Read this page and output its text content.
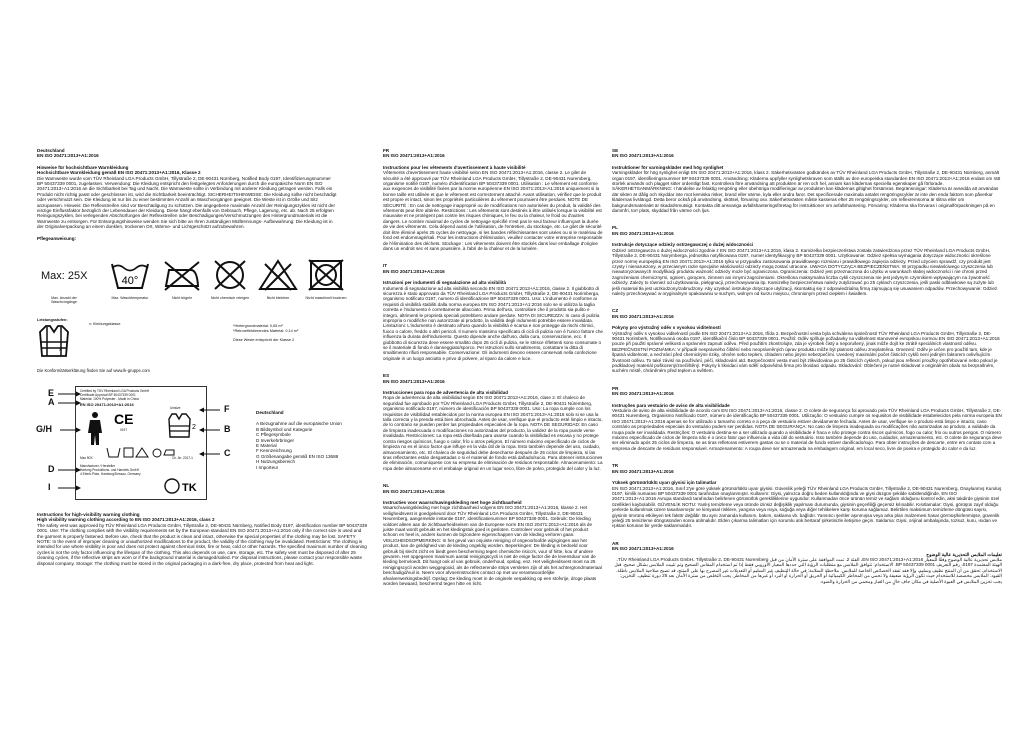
Deutschland

EN ISO 20471:2013+A1:2016

Hinweise für hochsichtbare Warnkleidung

Hochsichtbare Warnkleidung gemäß EN ISO 20471:2013+A1:2016, Klasse 2

Die Warnweste wurde vom TÜV Rheinland LGA Products GmbH, Tillystraße 2, DE-90431 Nürnberg, Notified Body 0197, Identifizierungsnummer BP 50437339 0001, zugelassen. Verwendung: Die Kleidung entspricht den festgelegten Anforderungen durch die europäische Norm EN ISO 20471:2013+A1:2016 an die Sichtbarkeit bei Tag und Nacht. Die Warnweste sollte in Verbindung mit anderer Kleidung getragen werden. Falls ein Produkt nicht richtig passt oder geschlossen ist, wird die Sichtbarkeit beeinträchtigt. SICHERHEITSHINWEISE: Die Kleidung sollte nicht beschädigt oder verschmutzt sein. Die Kleidung ist nur bis zu einer bestimmten Anzahl an Waschvorgängen geeignet. Die Weste ist in Größe und Sitz anzupassen. Hinweis: Die Reflexstreifen sind vor Beschädigung zu schützen. Die angegebene maximale Anzahl der Reinigungszyklen ist nicht der einzige Einflussfaktor bezüglich der Lebensdauer der Kleidung. Diese hängt ebenfalls von Gebrauch, Pflege, Lagerung, etc. ab. Nach 25 erfolgten Reinigungszyklen, bei verlegenden Abschürfungen der Reflexstreifen oder Beschädigungen/Verschmutzungen des Hintergrundmaterials ist die Warnweste zu entsorgen. Für Entsorgungshinweise wenden Sie sich bitte an Ihren zuständigen Mülltrennungs- Aufbewahrung: Die Kleidung ist in der Originalverpackung an einem dunklen, trockenen Ort, Wärme- und Lichtgeschützt aufzubewahren.

Pflegeanweisung:

Max: 25X
Max. Anzahl der Waschvorgänge
40°
Max. Waschtemperatur	Nicht bügeln	Nicht chemisch reinigen	Nicht bleichen	Nicht maschinell trocknen
Leistungsstufen:
x
x: Kleidungsklasse	*Hintergrundmaterial: 0,65 m²
*Retroreflektierendes Material: 0,14 m²
Diese Weste entspricht der Klasse 2
Die Konformitätserklärung finden Sie auf www.lk-gruppe.com
Certified by TÜV Rheinland LGA Products GmbH
Certificate Approval BP 50437339 0001
Material: 100% Polyester - Made in China
EN ISO 20471:2013+A1:2016
CE
0197
Unisize
2
Max 50X
Manufacturer / Hersteller
Hartung Produktions- und Handels GmbH
4 Eberti-Platz, Hamburg/Dessau, Germany
Ch.-Nr. 2017-1
TK
E
A
G/H
D
I
F
B
C

Deutschland

A Bezugnahme auf die europäische Union

B Bildsymbol und Kategorie

C Pflegesymbole

D Inverkehrbringer

E Material

F Kennzeichnung

G Größenangabe gemäß EN ISO 13688

H Nutzungsbereich

I Importeur

Instructions for high-visibility warning clothing

High visibility warning clothing according to EN ISO 20471:2013+A1:2016, class 2

The safety vest was approved by TÜV Rheinland LGA Products GmbH, Tillystraße 2, DE-90431 Nürnberg, Notified Body 0197, identification number BP 50437339 0001. Use: The clothing complies with the visibility requirements set by the European standard EN ISO 20471:2013+A1:2016 only if the correct size is used and the garment is properly fastened. Before use, check that the product is clean and intact, otherwise the special properties of the clothing may be lost. SAFETY NOTE: In the event of improper cleaning or unauthorized modifications to the product, the validity of the clothing may be invalidated. Restrictions: The clothing is intended for use where visibility is poor and does not protect against chemical risks, fire or heat, cold or other hazards. The specified maximum number of cleaning cycles is not the only factor influencing the lifespan of the clothing. This also depends on use, care, storage, etc. The safety vest must be disposed of after 25 cleaning cycles, if the reflective strips are worn or if the background material is damaged/soiled. For disposal instructions, please contact your responsible waste disposal company. Storage: The clothing must be stored in the original packaging in a dark-free, dry place, protected from heat and light.

FR

EN ISO 20471:2013+A1:2016

Instructions pour les vêtements d'avertissement à haute visibilité

Vêtements d'avertissement haute visibilité selon EN ISO 20471:2013+A1:2016, classe 2. Le gilet de sécurité a été approuvé par TÜV Rheinland LGA Products GmbH, Tillystraße 2, DE-90431 Nuremberg, organisme notifié 0197, numéro d'identification BP 50437339 0001. Utilisation : Le vêtement est conforme aux exigences de visibilité fixées par la norme européenne EN ISO 20471:2013+A1:2016 uniquement si la bonne taille est utilisée et que le vêtement est correctement attaché. Avant utilisation, vérifiez que le produit est propre et intact, sinon les propriétés particulières du vêtement pourraient être perdues. NOTE DE SÉCURITÉ : En cas de nettoyage inapproprié ou de modifications non autorisées du produit, la validité des vêtements peut être altérée. Restrictions : Les vêtements sont destinés à être utilisés lorsque la visibilité est mauvaise et ne protègent pas contre les risques chimiques, le feu ou la chaleur, le froid ou d'autres dangers. Le nombre maximal de cycles de nettoyage spécifié n'est pas le seul facteur influençant la durée de vie des vêtements. Cela dépend aussi de l'utilisation, de l'entretien, du stockage, etc. Le gilet de sécurité doit être éliminé après 25 cycles de nettoyage, si les bandes réfléchissantes sont usées ou si le matériau de fond est endommagé/sali. Pour les instructions d'élimination, veuillez contacter votre entreprise responsable de l'élimination des déchets. Stockage : Les vêtements doivent être stockés dans leur emballage d'origine dans un endroit sec et sans poussière, à l'abri de la chaleur et de la lumière.

IT

EN ISO 20471:2013+A1:2016

Istruzioni per indumenti di segnalazione ad alta visibilità

Indumenti di segnalazione ad alta visibilità secondo EN ISO 20471:2013+A1:2016, classe 2. Il giubbotto di sicurezza è stato approvato da TÜV Rheinland LGA Products GmbH, Tillystraße 2, DE-90431 Norimberga, organismo notificato 0197, numero di identificazione BP 50437339 0001. Uso: L'indumento è conforme ai requisiti di visibilità stabiliti dalla norma europea EN ISO 20471:2013+A1:2016 solo se si utilizza la taglia corretta e l'indumento è correttamente allacciato. Prima dell'uso, controllare che il prodotto sia pulito e integro, altrimenti le proprietà speciali potrebbero andare perdute. NOTA DI SICUREZZA: In caso di pulizia impropria o modifiche non autorizzate al prodotto, la validità degli indumenti potrebbe essere invalidata. Limitazioni: L'indumento è destinato all'uso quando la visibilità è scarsa e non protegge da rischi chimici, fuoco o calore, freddo o altri pericoli. Il numero massimo specificato di cicli di pulizia non è l'unico fattore che influenza la durata dell'indumento. Questo dipende anche dall'uso, dalla cura, conservazione, ecc. Il giubbotto di sicurezza deve essere smaltito dopo 25 cicli di pulizia, se le strisce riflettenti sono consumate o se il materiale di fondo è danneggiato/sporco. Per istruzioni sullo smaltimento, contattare la ditta di smaltimento rifiuti responsabile. Conservazione: Gli indumenti devono essere conservati nella confezione originale in un luogo asciutto e privo di polvere, al riparo da calore e luce.

ES

EN ISO 20471:2013+A1:2016

Instrucciones para ropa de advertencia de alta visibilidad

Ropa de advertencia de alta visibilidad según EN ISO 20471:2013+A1:2016, clase 2. El chaleco de seguridad fue aprobado por TÜV Rheinland LGA Products GmbH, Tillystraße 2, DE-90431 Núremberg, organismo notificado 0197, número de identificación BP 50437339 0001. Uso: La ropa cumple con los requisitos de visibilidad establecidos por la norma europea EN ISO 20471:2013+A1:2016 solo si se usa la talla correcta y la prenda está bien abrochada. Antes de usar, verifique que el producto esté limpio e intacto, de lo contrario se pueden perder las propiedades especiales de la ropa. NOTA DE SEGURIDAD: En caso de limpieza inadecuada o modificaciones no autorizadas del producto, la validez de la ropa puede verse invalidada. Restricciones: La ropa está diseñada para usarse cuando la visibilidad es escasa y no protege contra riesgos químicos, fuego o calor, frío u otros peligros. El número máximo especificado de ciclos de limpieza no es el único factor que influye en la vida útil de la ropa. Esto también depende del uso, cuidado, almacenamiento, etc. El chaleco de seguridad debe desecharse después de 25 ciclos de limpieza, si las tiras reflectantes están desgastadas o si el material de fondo está dañado/sucio. Para obtener instrucciones de eliminación, comuníquese con su empresa de eliminación de residuos responsable. Almacenamiento: La ropa debe almacenarse en el embalaje original en un lugar seco, libre de polvo, protegido del calor y la luz.

NL

EN ISO 20471:2013+A1:2016

Instructies voor waarschuwingskleding met hoge zichtbaarheid

Waarschuwingskleding met hoge zichtbaarheid volgens EN ISO 20471:2013+A1:2016, klasse 2. Het veiligheidsvest is goedgekeurd door TÜV Rheinland LGA Products GmbH, Tillystraße 2, DE-90431 Neurenberg, aangemelde instantie 0197, identificatienummer BP 50437339 0001. Gebruik: De kleding voldoet alleen aan de zichtbaarheidseisen van de Europese norm EN ISO 20471:2013+A1:2016 als de juiste maat wordt gebruikt en het kledingstuk goed is gesloten. Controleer voor gebruik of het product schoon en heel is, anders kunnen de bijzondere eigenschappen van de kleding verloren gaan. VEILIGHEIDSOPMERKING: In het geval van onjuiste reiniging of ongeoorloofde wijzigingen aan het product, kan de geldigheid van de kleding ongeldig worden. Beperkingen: De kleding is bedoeld voor gebruik bij slecht zicht en biedt geen bescherming tegen chemische risico's, vuur of hitte, kou of andere gevaren. Het opgegeven maximum aantal reinigingscycli is niet de enige factor die de levensduur van de kleding beïnvloedt. Dit hangt ook af van gebruik, onderhoud, opslag, enz. Het veiligheidsvest moet na 25 reinigingscycli worden weggegooid, als de reflecterende strips versleten zijn of als het achtergrondmateriaal beschadigd/vuil is. Neem voor afvoerinstructies contact op met uw verantwoordelijke afvalverwerkingsbedrijf. Opslag: De kleding moet in de originele verpakking op een stofvrije, droge plaats worden bewaard, beschermd tegen hitte en licht.

SE

EN ISO 20471:2013+A1:2016

Instruktioner för varningskläder med hög synlighet

Varningskläder för hög synlighet enligt EN ISO 20471:2013+A1:2016, klass 2. Säkerhetsvästen godkändes av TÜV Rheinland LGA Products GmbH, Tillystraße 2, DE-90431 Nürnberg, anmält organ 0197, identifieringsnummer BP 50437339 0001. Användning: Kläderna uppfyller synlighetskraven som ställs av den europeiska standarden EN ISO 20471:2013+A1:2016 endast om rätt storlek används och plagget sitter ordentligt fast. Kontrollera före användning att produkten är ren och hel, annars kan klädernas speciella egenskaper gå förlorade. SÄKERHETSANMÄRKNING: I händelse av felaktig rengöring eller obehöriga modifieringar av produkten kan klädernas giltighet försämras. Begränsningar: Kläderna är avsedda att användas där sikten är dålig och skyddar inte mot kemiska risker, brand eller värme, kyla eller andra faror. Det specificerade maximala antalet rengöringscykler är inte den enda faktorn som påverkar klädernas livslängd. Detta beror också på användning, skötsel, förvaring osv. Säkerhetsvästen måste kasseras efter 25 rengöringscykler, om reflexremsorna är slitna eller om bakgrundsmaterialet är skadat/smutsigt. Kontakta ditt ansvariga avfallshanteringsföretag för instruktioner om avfallshantering. Förvaring: Kläderna ska förvaras i originalförpackningen på en dammfri, torr plats, skyddad från värme och ljus.

PL

EN ISO 20471:2013+A1:2016

Instrukcje dotyczące odzieży ostrzegawczej o dużej widoczności

Odzież ostrzegawcza o dużej widoczności zgodnie z EN ISO 20471:2013+A1:2016, klasa 2. Kamizelka bezpieczeństwa została zatwierdzona przez TÜV Rheinland LGA Products GmbH, Tillystraße 2, DE-90431 Norymberga, jednostka notyfikowana 0197, numer identyfikacyjny BP 50437339 0001. Użytkowanie: Odzież spełnia wymagania dotyczące widoczności określone przez normę europejską EN ISO 20471:2013+A1:2016 tylko w przypadku zastosowania prawidłowego rozmiaru i prawidłowego zapięcia odzieży. Przed użyciem sprawdź, czy produkt jest czysty i nienaruszony, w przeciwnym razie specjalne właściwości odzieży mogą zostać utracone. UWAGA DOTYCZĄCA BEZPIECZEŃSTWA: W przypadku niewłaściwego czyszczenia lub nieautoryzowanych modyfikacji produktu ważność odzieży może być ograniczona. Ograniczenia: Odzież jest przeznaczona do użytku w warunkach słabej widoczności i nie chroni przed zagrożeniami chemicznymi, ogniem, gorącem, zimnem ani innymi zagrożeniami. Określona maksymalna liczba cykli czyszczenia nie jest jedynym czynnikiem wpływającym na żywotność odzieży. Zależy to również od użytkowania, pielęgnacji, przechowywania itp. Kamizelkę bezpieczeństwa należy zutylizować po 25 cyklach czyszczenia, jeśli paski odblaskowe są zużyte lub jeśli materiał tła jest uszkodzony/zabrudzony. Aby uzyskać instrukcje dotyczące utylizacji, skontaktuj się z odpowiedzialną firmą zajmującą się usuwaniem odpadów. Przechowywanie: Odzież należy przechowywać w oryginalnym opakowaniu w suchym, wolnym od kurzu miejscu, chronionym przed ciepłem i światłem.

CZ

EN ISO 20471:2013+A1:2016

Pokyny pro výstražný oděv s vysokou viditelností

Výstražný oděv s vysokou viditelností podle EN ISO 20471:2013+A1:2016, třída 2. Bezpečnostní vesta byla schválena společností TÜV Rheinland LGA Products GmbH, Tillystraße 2, DE-90431 Norimberk, Notifikovaná osoba 0197, identifikační číslo BP 50437339 0001. Použití: Oděv splňuje požadavky na viditelnost stanovené evropskou normou EN ISO 20471:2013+A1:2016 pouze při použití správné velikosti a správném zapnutí oděvu. Před použitím zkontrolujte, zda je výrobek čistý a neporušený, jinak může dojít ke ztrátě speciálních vlastností oděvu. BEZPEČNOSTNÍ POZNÁMKA: V případě nesprávného čištění nebo neoprávněných úprav produktu může být platnost oděvu zneplatněna. Omezení: Oděv je určen pro použití tam, kde je špatná viditelnost, a nechrání před chemickými riziky, ohněm nebo teplem, chladem nebo jinými nebezpečími. Uvedený maximální počet čisticích cyklů není jediným faktorem ovlivňujícím životnost oděvu. To také závisí na používání, péči, skladování atd. Bezpečnostní vesta musí být zlikvidována po 25 čisticích cyklech, pokud jsou reflexní proužky opotřebované nebo pokud je podkladový materiál poškozený/znečištěný. Pokyny k likvidaci vám sdělí odpovědná firma pro likvidaci odpadu. Skladování: Oblečení je nutné skladovat v originálním obalu na bezprašném, suchém místě, chráněném před teplem a světlem.

PR

EN ISO 20471:2013+A1:2016

Instruções para vestuário de aviso de alta visibilidade

Vestuário de aviso de alta visibilidade de acordo com EN ISO 20471:2013+A1:2016, classe 2. O colete de segurança foi aprovado pela TÜV Rheinland LGA Products GmbH, Tillystraße 2, DE-90431 Nuremberg, Organismo Notificado 0197, número de identificação BP 50437339 0001. Utilização: O vestuário cumpre os requisitos de visibilidade estabelecidos pela norma europeia EN ISO 20471:2013+A1:2016 apenas se for utilizado o tamanho correto e a peça de vestuário estiver devidamente fechada. Antes de usar, verifique se o produto está limpo e intacto, caso contrário as propriedades especiais do vestuário podem ser perdidas. NOTA DE SEGURANÇA: No caso de limpeza inadequada ou modificações não autorizadas ao produto, a validade da roupa pode ser invalidada. Restrições: O vestuário destina-se a ser utilizado quando a visibilidade é fraca e não protege contra riscos químicos, fogo ou calor, frio ou outros perigos. O número máximo especificado de ciclos de limpeza não é o único fator que influencia a vida útil do vestuário. Isso também depende do uso, cuidados, armazenamento, etc. O colete de segurança deve ser eliminado após 25 ciclos de limpeza, se as tiras refletoras estiverem gastas ou se o material de fundo estiver danificado/sujo. Para obter instruções de descarte, entre em contato com a empresa de descarte de resíduos responsável. Armazenamento: A roupa deve ser armazenada na embalagem original, em local seco, livre de poeira e protegido do calor e da luz.

TR

EN ISO 20471:2013+A1:2016

Yüksek görünürlüklü uyarı giysisi için talimatlar

EN ISO 20471:2013+A1:2016, Sınıf 2'ye göre yüksek görünürlüklü uyarı giysisi. Güvenlik yeleği TÜV Rheinland LGA Products GmbH, Tillystraße 2, DE-90431 Nuremberg, Onaylanmış Kuruluş 0197, kimlik numarası BP 50437339 0001 tarafından onaylanmıştır. Kullanım: Giysi, yalnızca doğru beden kullanıldığında ve giysi düzgün şekilde sabitlendiğinde, EN ISO 20471:2013+A1:2016 Avrupa standardı tarafından belirlenen görünürlük gerekliliklerine uygundur. Kullanmadan önce ürünün temiz ve sağlam olduğunu kontrol edin, aksi takdirde giysinin özel özellikleri kaybolabilir. GÜVENLİK NOTU: Yanlış temizleme veya üründe izinsiz değişiklik yapılması durumunda, giysinin geçerliliği geçersiz kılınabilir. Kısıtlamalar: Giysi, görüşün zayıf olduğu yerlerde kullanılmak üzere tasarlanmıştır ve kimyasal risklere, yangına veya ısıya, soğuğa veya diğer tehlikelere karşı koruma sağlamaz. Belirtilen maksimum temizleme döngüsü sayısı, giysinin ömrünü etkileyen tek faktör değildir. Bu aynı zamanda kullanım, bakım, saklama vb. bağlıdır. Yansıtıcı şeritler aşınmışsa veya arka plan malzemesi hasar görmüş/kirlenmişse, güvenlik yeleği 25 temizleme döngüsünden sonra atılmalıdır. Elden çıkarma talimatları için sorumlu atık bertaraf şirketinizle iletişime geçin. Saklama: Giysi, orijinal ambalajında, tozsuz, kuru, ısıdan ve ışıktan korunan bir yerde saklanmalıdır.

AR

EN ISO 20471:2013+A1:2016

تعليمات الملابس التحذيرية عالية الوضوح

ملابس تحذيرية عالية الوضوح وفقًا للمعيار EN ISO 20471:2013+A1:2016، الفئة 2. تمت الموافقة على سترة الأمان من قبل TÜV Rheinland LGA Products GmbH، Tillystraße 2، DE-90431 Nuremberg، الهيئة المعتمدة 0197، رقم التعريف BP 50437339 0001. الاستخدام: تتوافق الملابس مع متطلبات الرؤية التي حددها المعيار الأوروبي فقط إذا تم استخدام المقاس الصحيح وتم تثبيت الملابس بشكل صحيح. قبل الاستخدام، تحقق من أن المنتج نظيف وسليم، وإلا فقد تفقد الخصائص الخاصة للملابس. ملاحظة السلامة: في حالة التنظيف غير السليم أو التعديلات غير المصرح بها على المنتج، قد تصبح صلاحية الملابس باطلة. القيود: الملابس مخصصة للاستخدام حيث تكون الرؤية ضعيفة ولا تحمي من المخاطر الكيميائية أو الحريق أو الحرارة أو البرد أو غيرها من المخاطر. يجب التخلص من سترة الأمان بعد 25 دورة تنظيف. التخزين: يجب تخزين الملابس في العبوة الأصلية في مكان جاف خالٍ من الغبار ومحمي من الحرارة والضوء.
